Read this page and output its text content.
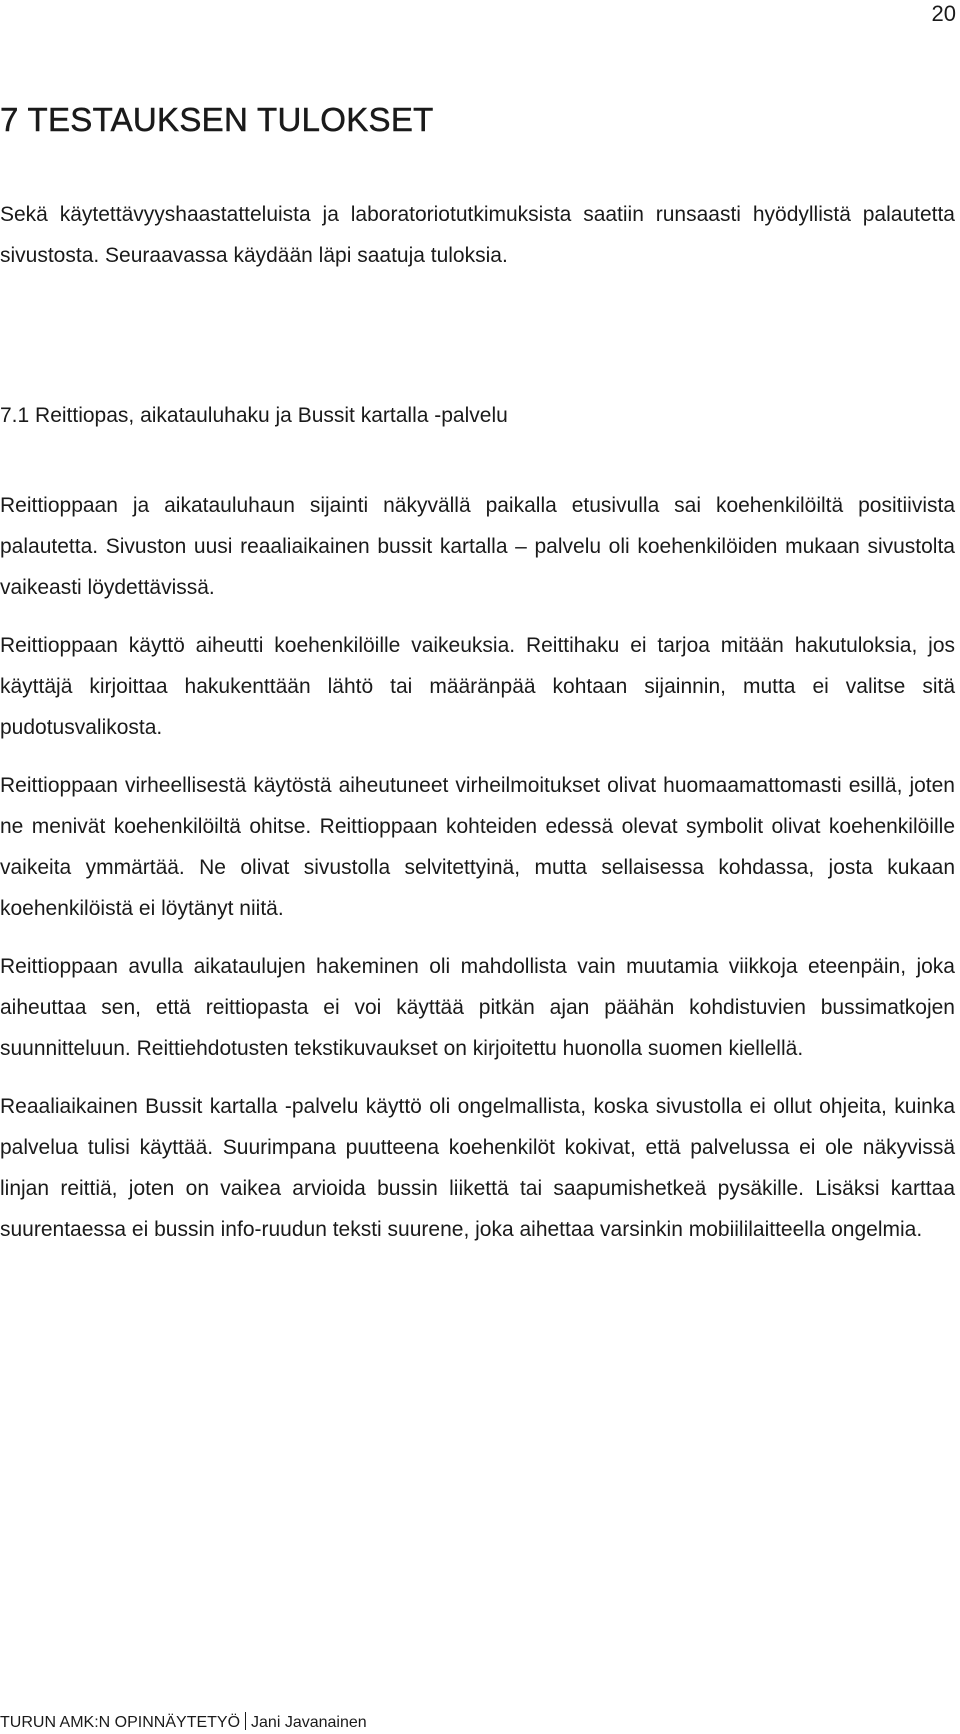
20
7 TESTAUKSEN TULOKSET

Sekä käytettävyyshaastatteluista ja laboratoriotutkimuksista saatiin runsaasti hyödyllistä palautetta sivustosta. Seuraavassa käydään läpi saatuja tuloksia.

7.1 Reittiopas, aikatauluhaku ja Bussit kartalla -palvelu

Reittioppaan ja aikatauluhaun sijainti näkyvällä paikalla etusivulla sai koehenkilöiltä positiivista palautetta. Sivuston uusi reaaliaikainen bussit kartalla – palvelu oli koehenkilöiden mukaan sivustolta vaikeasti löydettävissä.

Reittioppaan käyttö aiheutti koehenkilöille vaikeuksia. Reittihaku ei tarjoa mitään hakutuloksia, jos käyttäjä kirjoittaa hakukenttään lähtö tai määränpää kohtaan sijainnin, mutta ei valitse sitä pudotusvalikosta.

Reittioppaan virheellisestä käytöstä aiheutuneet virheilmoitukset olivat huomaamattomasti esillä, joten ne menivät koehenkilöiltä ohitse. Reittioppaan kohteiden edessä olevat symbolit olivat koehenkilöille vaikeita ymmärtää. Ne olivat sivustolla selvitettyinä, mutta sellaisessa kohdassa, josta kukaan koehenkilöistä ei löytänyt niitä.

Reittioppaan avulla aikataulujen hakeminen oli mahdollista vain muutamia viikkoja eteenpäin, joka aiheuttaa sen, että reittiopasta ei voi käyttää pitkän ajan päähän kohdistuvien bussimatkojen suunnitteluun. Reittiehdotusten tekstikuvaukset on kirjoitettu huonolla suomen kiellellä.

Reaaliaikainen Bussit kartalla -palvelu käyttö oli ongelmallista, koska sivustolla ei ollut ohjeita, kuinka palvelua tulisi käyttää. Suurimpana puutteena koehenkilöt kokivat, että palvelussa ei ole näkyvissä linjan reittiä, joten on vaikea arvioida bussin liikettä tai saapumishetkeä pysäkille. Lisäksi karttaa suurentaessa ei bussin info-ruudun teksti suurene, joka aihettaa varsinkin mobiililaitteella ongelmia.

TURUN AMK:N OPINNÄYTETYÖ Jani Javanainen
